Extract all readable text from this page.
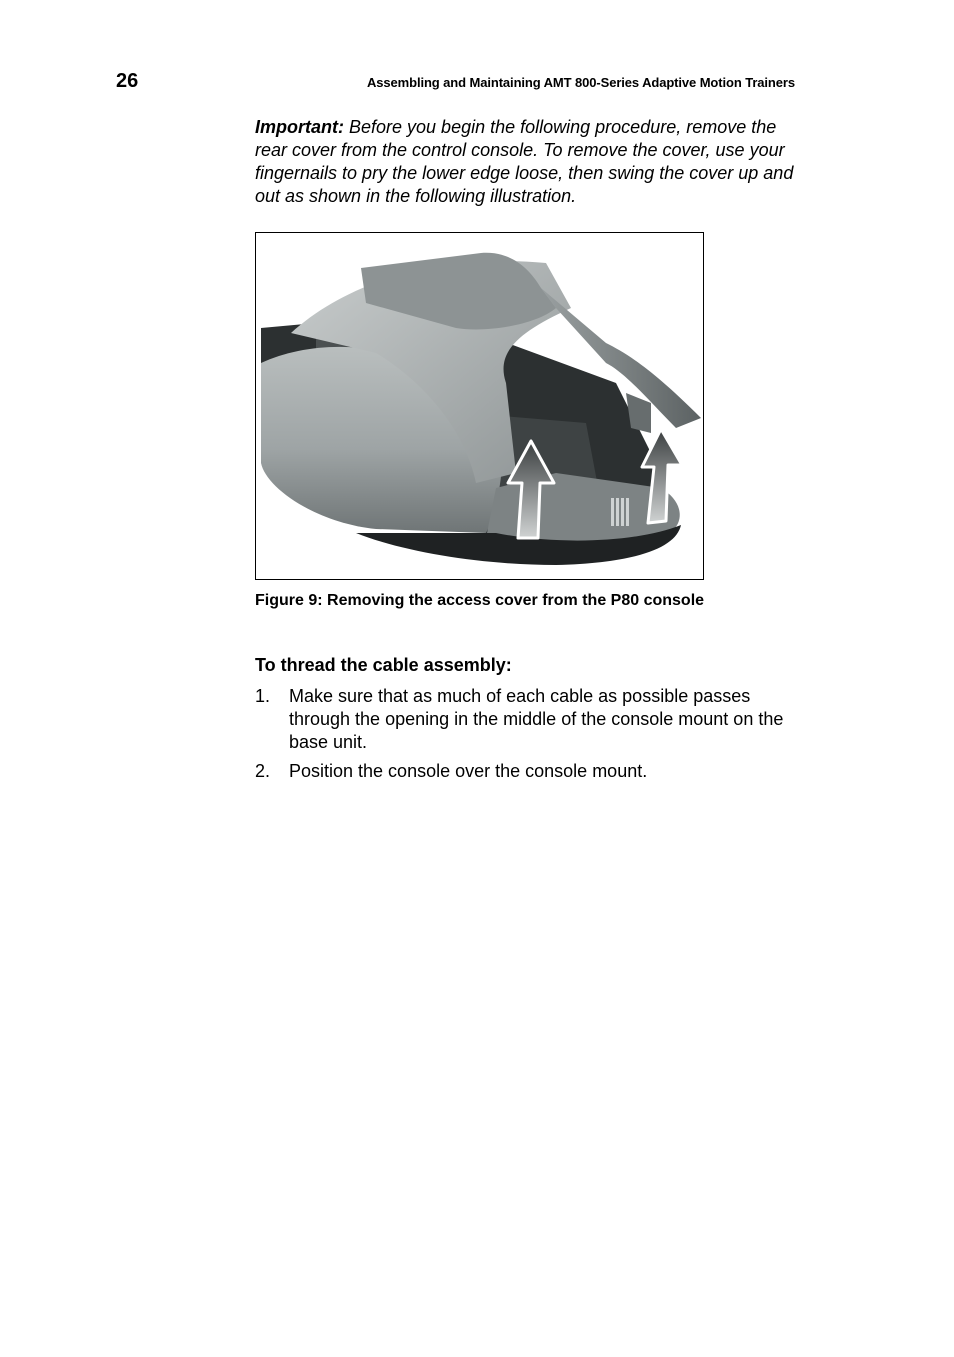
26	Assembling and Maintaining AMT 800-Series Adaptive Motion Trainers

Important: Before you begin the following procedure, remove the rear cover from the control console. To remove the cover, use your fingernails to pry the lower edge loose, then swing the cover up and out as shown in the following illustration.

Figure 9: Removing the access cover from the P80 console

To thread the cable assembly:

1. Make sure that as much of each cable as possible passes through the opening in the middle of the console mount on the base unit.
2. Position the console over the console mount.
